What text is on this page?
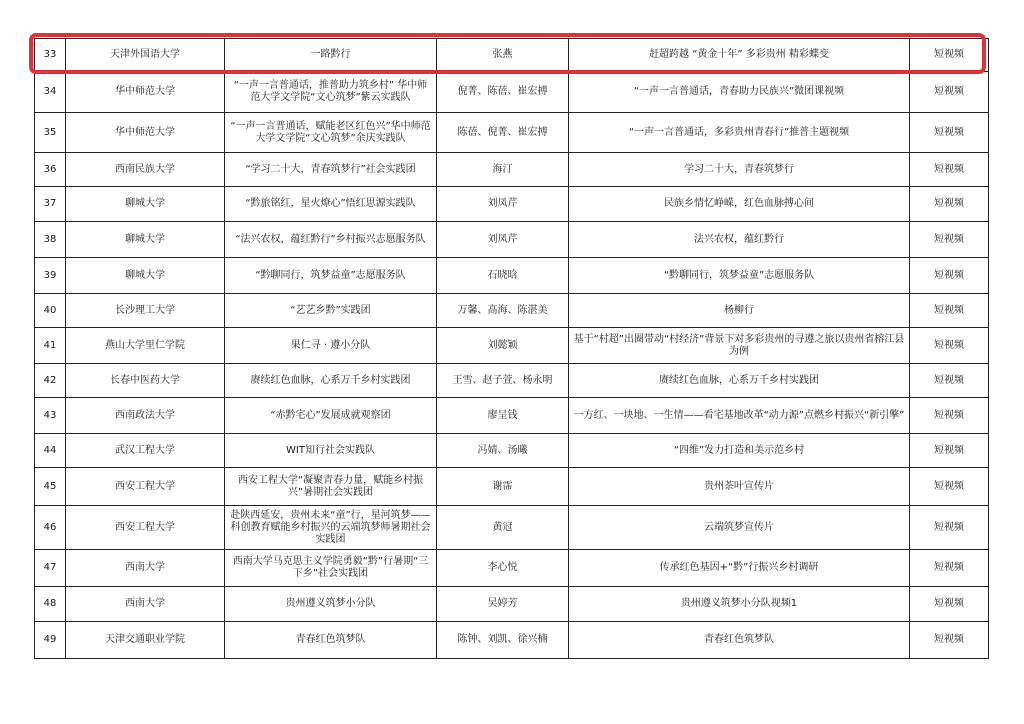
33	天津外国语大学	一路黔行	张燕	赶超跨越 “黄金十年” 多彩贵州 精彩蝶变	短视频
34	华中师范大学	“一声一言普通话，推普助力筑乡村” 华中师范大学文学院“文心筑梦”紫云实践队	倪菁、陈蓓、崔宏搏	“一声一言普通话，青春助力民族兴”微团课视频	短视频
35	华中师范大学	“一声一言普通话，赋能老区红色兴”华中师范大学文学院“文心筑梦”余庆实践队	陈蓓、倪菁、崔宏搏	“一声一言普通话，多彩贵州青春行”推普主题视频	短视频
36	西南民族大学	“学习二十大，青春筑梦行”社会实践团	海汀	学习二十大，青春筑梦行	短视频
37	聊城大学	“黔旅铭红，星火燎心”悟红思源实践队	刘凤芹	民族乡情忆峥嵘，红色血脉搏心间	短视频
38	聊城大学	“法兴农权，蕴红黔行”乡村振兴志愿服务队	刘凤芹	法兴农权，蕴红黔行	短视频
39	聊城大学	“黔聊同行，筑梦益童”志愿服务队	石晓晗	“黔聊同行，筑梦益童”志愿服务队	短视频
40	长沙理工大学	“艺艺乡黔”实践团	万馨、高海、陈湛美	杨柳行	短视频
41	燕山大学里仁学院	果仁寻 · 遵小分队	刘懿颖	基于“村超”出圈带动“村经济”背景下对多彩贵州的寻遵之旅以贵州省榕江县为例	短视频
42	长春中医药大学	赓续红色血脉，心系万千乡村实践团	王雪、赵子萱、杨永明	赓续红色血脉，心系万千乡村实践团	短视频
43	西南政法大学	“赤黔宅心”发展成就观察团	廖呈钱	一方红、一块地、一生情——看宅基地改革“动力源”点燃乡村振兴“新引擎”	短视频
44	武汉工程大学	WIT知行社会实践队	冯婧、汤曦	“四维”发力打造和美示范乡村	短视频
45	西安工程大学	西安工程大学“凝聚青春力量，赋能乡村振兴”暑期社会实践团	谢霈	贵州茶叶宣传片	短视频
46	西安工程大学	赴陕西延安，贵州未来“童”行，星河筑梦——科创教育赋能乡村振兴的云端筑梦师暑期社会实践团	黄冠	云端筑梦宣传片	短视频
47	西南大学	西南大学马克思主义学院勇毅“黔”行暑期“三下乡”社会实践团	李心悦	传承红色基因+“黔”行振兴乡村调研	短视频
48	西南大学	贵州遵义筑梦小分队	吴婷芳	贵州遵义筑梦小分队视频1	短视频
49	天津交通职业学院	青春红色筑梦队	陈钟、刘凯、徐兴楠	青春红色筑梦队	短视频
